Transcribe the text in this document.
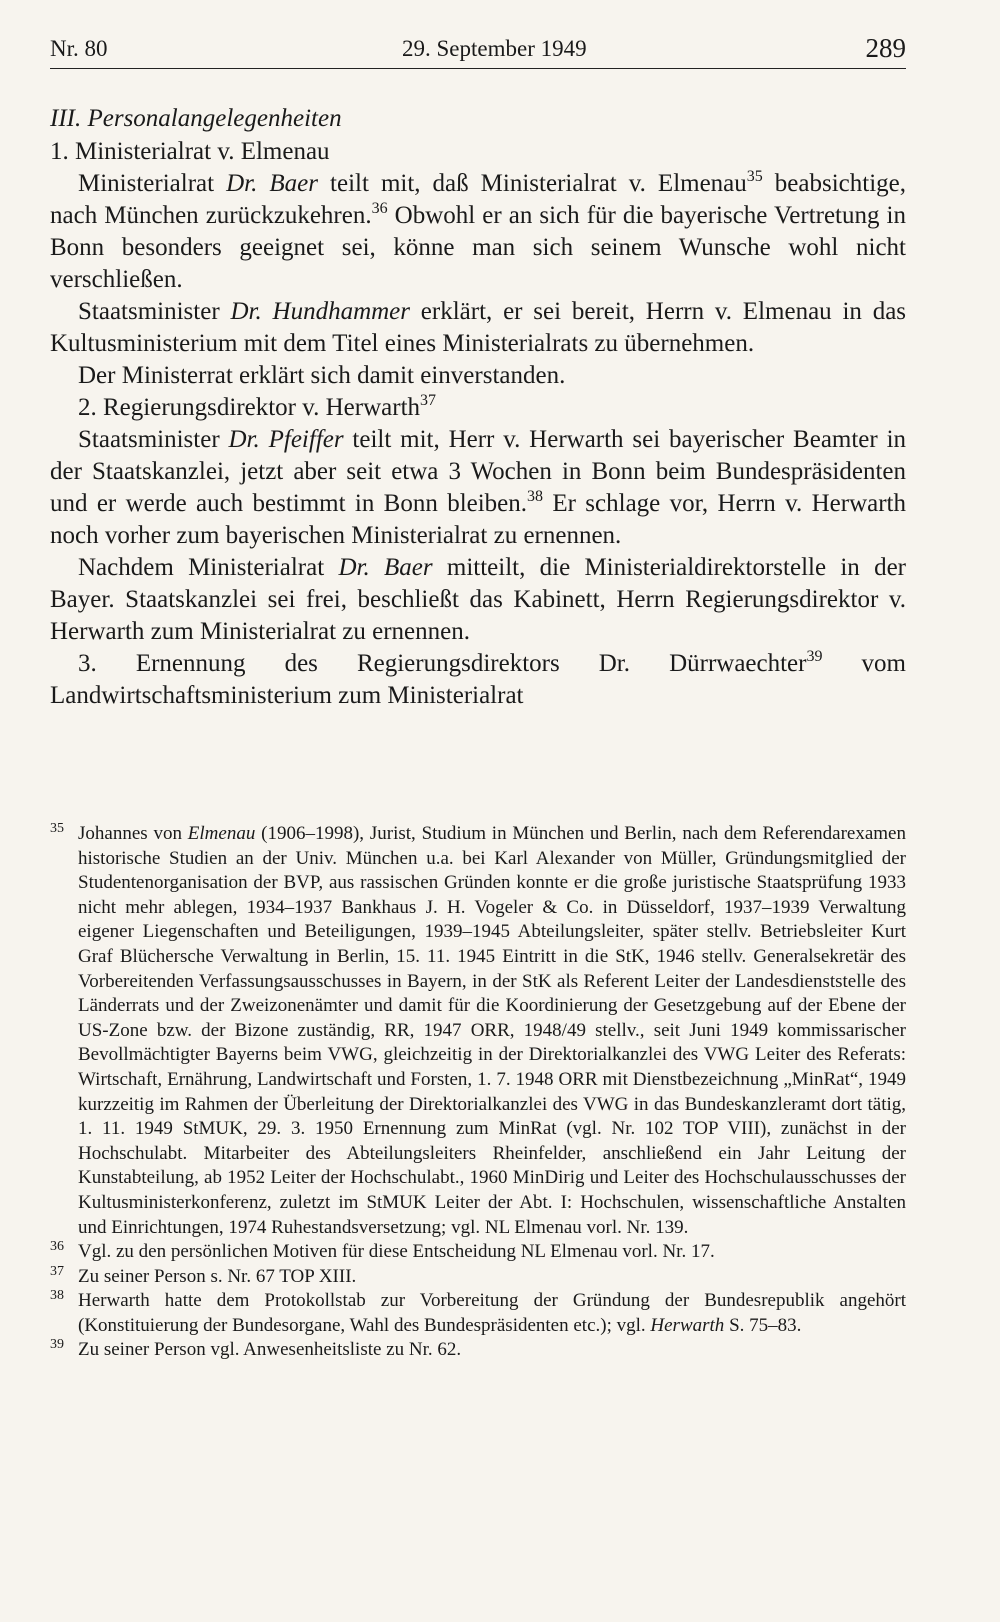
Nr. 80	29. September 1949	289

III. Personalangelegenheiten

1. Ministerialrat v. Elmenau

Ministerialrat Dr. Baer teilt mit, daß Ministerialrat v. Elmenau$^{35}$ beabsichtige, nach München zurückzukehren.$^{36}$ Obwohl er an sich für die bayerische Vertretung in Bonn besonders geeignet sei, könne man sich seinem Wunsche wohl nicht verschließen.

Staatsminister Dr. Hundhammer erklärt, er sei bereit, Herrn v. Elmenau in das Kultusministerium mit dem Titel eines Ministerialrats zu übernehmen.

Der Ministerrat erklärt sich damit einverstanden.

2. Regierungsdirektor v. Herwarth$^{37}$

Staatsminister Dr. Pfeiffer teilt mit, Herr v. Herwarth sei bayerischer Beamter in der Staatskanzlei, jetzt aber seit etwa 3 Wochen in Bonn beim Bundespräsidenten und er werde auch bestimmt in Bonn bleiben.$^{38}$ Er schlage vor, Herrn v. Herwarth noch vorher zum bayerischen Ministerialrat zu ernennen.

Nachdem Ministerialrat Dr. Baer mitteilt, die Ministerialdirektorstelle in der Bayer. Staatskanzlei sei frei, beschließt das Kabinett, Herrn Regierungsdirektor v. Herwarth zum Ministerialrat zu ernennen.

3. Ernennung des Regierungsdirektors Dr. Dürrwaechter$^{39}$ vom Landwirtschaftsministerium zum Ministerialrat

35 Johannes von Elmenau (1906–1998), Jurist, Studium in München und Berlin, nach dem Referendarexamen historische Studien an der Univ. München u.a. bei Karl Alexander von Müller, Gründungsmitglied der Studentenorganisation der BVP, aus rassischen Gründen konnte er die große juristische Staatsprüfung 1933 nicht mehr ablegen, 1934–1937 Bankhaus J. H. Vogeler & Co. in Düsseldorf, 1937–1939 Verwaltung eigener Liegenschaften und Beteiligungen, 1939–1945 Abteilungsleiter, später stellv. Betriebsleiter Kurt Graf Blüchersche Verwaltung in Berlin, 15. 11. 1945 Eintritt in die StK, 1946 stellv. Generalsekretär des Vorbereitenden Verfassungsausschusses in Bayern, in der StK als Referent Leiter der Landesdienststelle des Länderrats und der Zweizonenämter und damit für die Koordinierung der Gesetzgebung auf der Ebene der US-Zone bzw. der Bizone zuständig, RR, 1947 ORR, 1948/49 stellv., seit Juni 1949 kommissarischer Bevollmächtigter Bayerns beim VWG, gleichzeitig in der Direktorialkanzlei des VWG Leiter des Referats: Wirtschaft, Ernährung, Landwirtschaft und Forsten, 1. 7. 1948 ORR mit Dienstbezeichnung „MinRat“, 1949 kurzzeitig im Rahmen der Überleitung der Direktorialkanzlei des VWG in das Bundeskanzleramt dort tätig, 1. 11. 1949 StMUK, 29. 3. 1950 Ernennung zum MinRat (vgl. Nr. 102 TOP VIII), zunächst in der Hochschulabt. Mitarbeiter des Abteilungsleiters Rheinfelder, anschließend ein Jahr Leitung der Kunstabteilung, ab 1952 Leiter der Hochschulabt., 1960 MinDirig und Leiter des Hochschulausschusses der Kultusministerkonferenz, zuletzt im StMUK Leiter der Abt. I: Hochschulen, wissenschaftliche Anstalten und Einrichtungen, 1974 Ruhestandsversetzung; vgl. NL Elmenau vorl. Nr. 139.

36 Vgl. zu den persönlichen Motiven für diese Entscheidung NL Elmenau vorl. Nr. 17.

37 Zu seiner Person s. Nr. 67 TOP XIII.

38 Herwarth hatte dem Protokollstab zur Vorbereitung der Gründung der Bundesrepublik angehört (Konstituierung der Bundesorgane, Wahl des Bundespräsidenten etc.); vgl. Herwarth S. 75–83.

39 Zu seiner Person vgl. Anwesenheitsliste zu Nr. 62.
